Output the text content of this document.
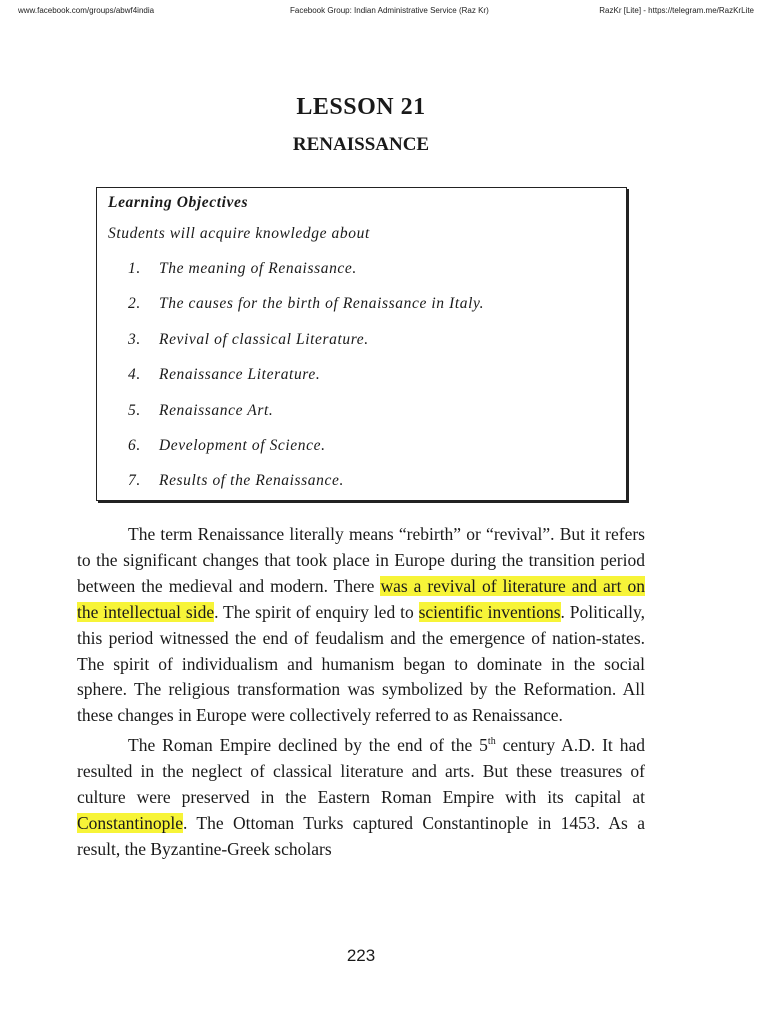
www.facebook.com/groups/abwf4india	Facebook Group: Indian Administrative Service (Raz Kr)	RazKr [Lite] - https://telegram.me/RazKrLite
LESSON 21
RENAISSANCE
Learning Objectives
Students will acquire knowledge about
1. The meaning of Renaissance.
2. The causes for the birth of Renaissance in Italy.
3. Revival of classical Literature.
4. Renaissance Literature.
5. Renaissance Art.
6. Development of Science.
7. Results of the Renaissance.

The term Renaissance literally means “rebirth” or “revival”. But it refers to the significant changes that took place in Europe during the transition period between the medieval and modern. There was a revival of literature and art on the intellectual side. The spirit of enquiry led to scientific inventions. Politically, this period witnessed the end of feudalism and the emergence of nation-states. The spirit of individualism and humanism began to dominate in the social sphere. The religious transformation was symbolized by the Reformation. All these changes in Europe were collectively referred to as Renaissance.

The Roman Empire declined by the end of the 5th century A.D. It had resulted in the neglect of classical literature and arts. But these treasures of culture were preserved in the Eastern Roman Empire with its capital at Constantinople. The Ottoman Turks captured Constantinople in 1453. As a result, the Byzantine-Greek scholars

223
